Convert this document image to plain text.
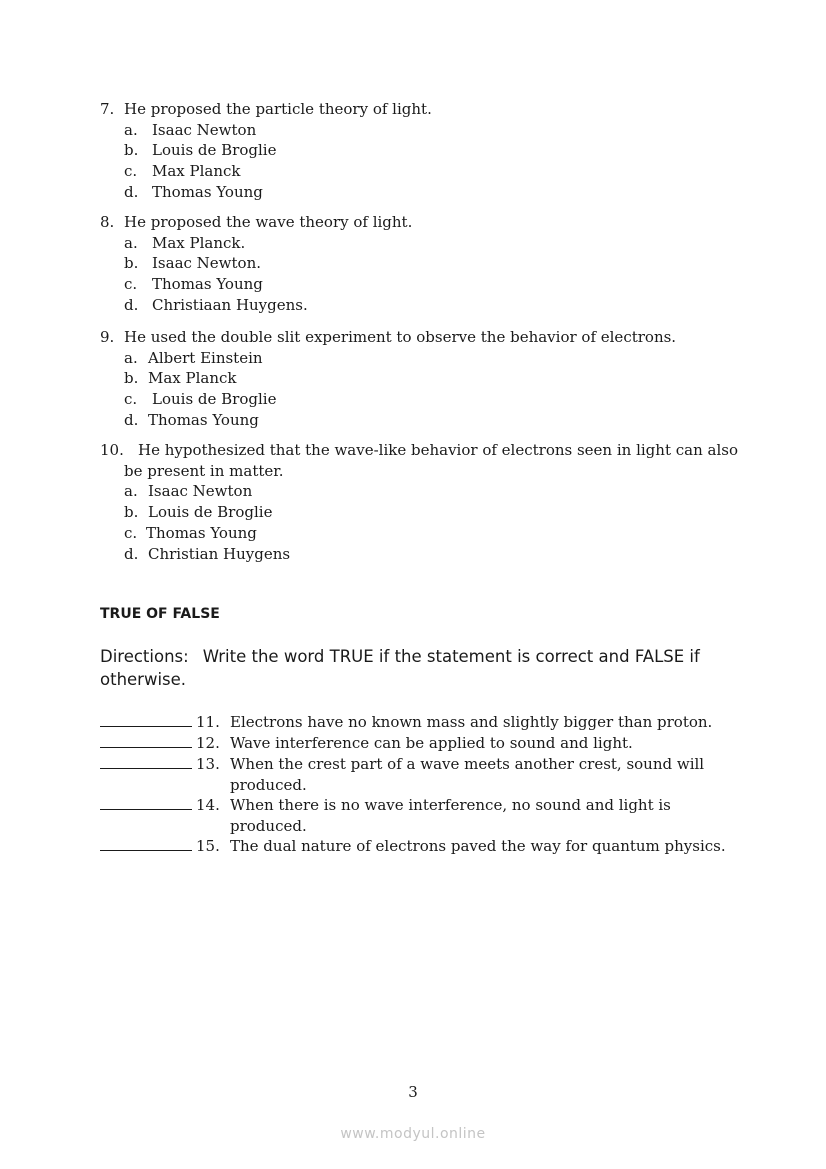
7. He proposed the particle theory of light.
a. Isaac Newton
b. Louis de Broglie
c. Max Planck
d. Thomas Young
8. He proposed the wave theory of light.
a. Max Planck.
b. Isaac Newton.
c. Thomas Young
d. Christiaan Huygens.
9. He used the double slit experiment to observe the behavior of electrons.
a. Albert Einstein
b. Max Planck
c. Louis de Broglie
d. Thomas Young
10. He hypothesized that the wave-like behavior of electrons seen in light can also
be present in matter.
a. Isaac Newton
b. Louis de Broglie
c. Thomas Young
d. Christian Huygens
TRUE OF FALSE
Directions: Write the word TRUE if the statement is correct and FALSE if otherwise.
11. Electrons have no known mass and slightly bigger than proton.
12. Wave interference can be applied to sound and light.
13. When the crest part of a wave meets another crest, sound will
produced.
14. When there is no wave interference, no sound and light is
produced.
15. The dual nature of electrons paved the way for quantum physics.
3
www.modyul.online
